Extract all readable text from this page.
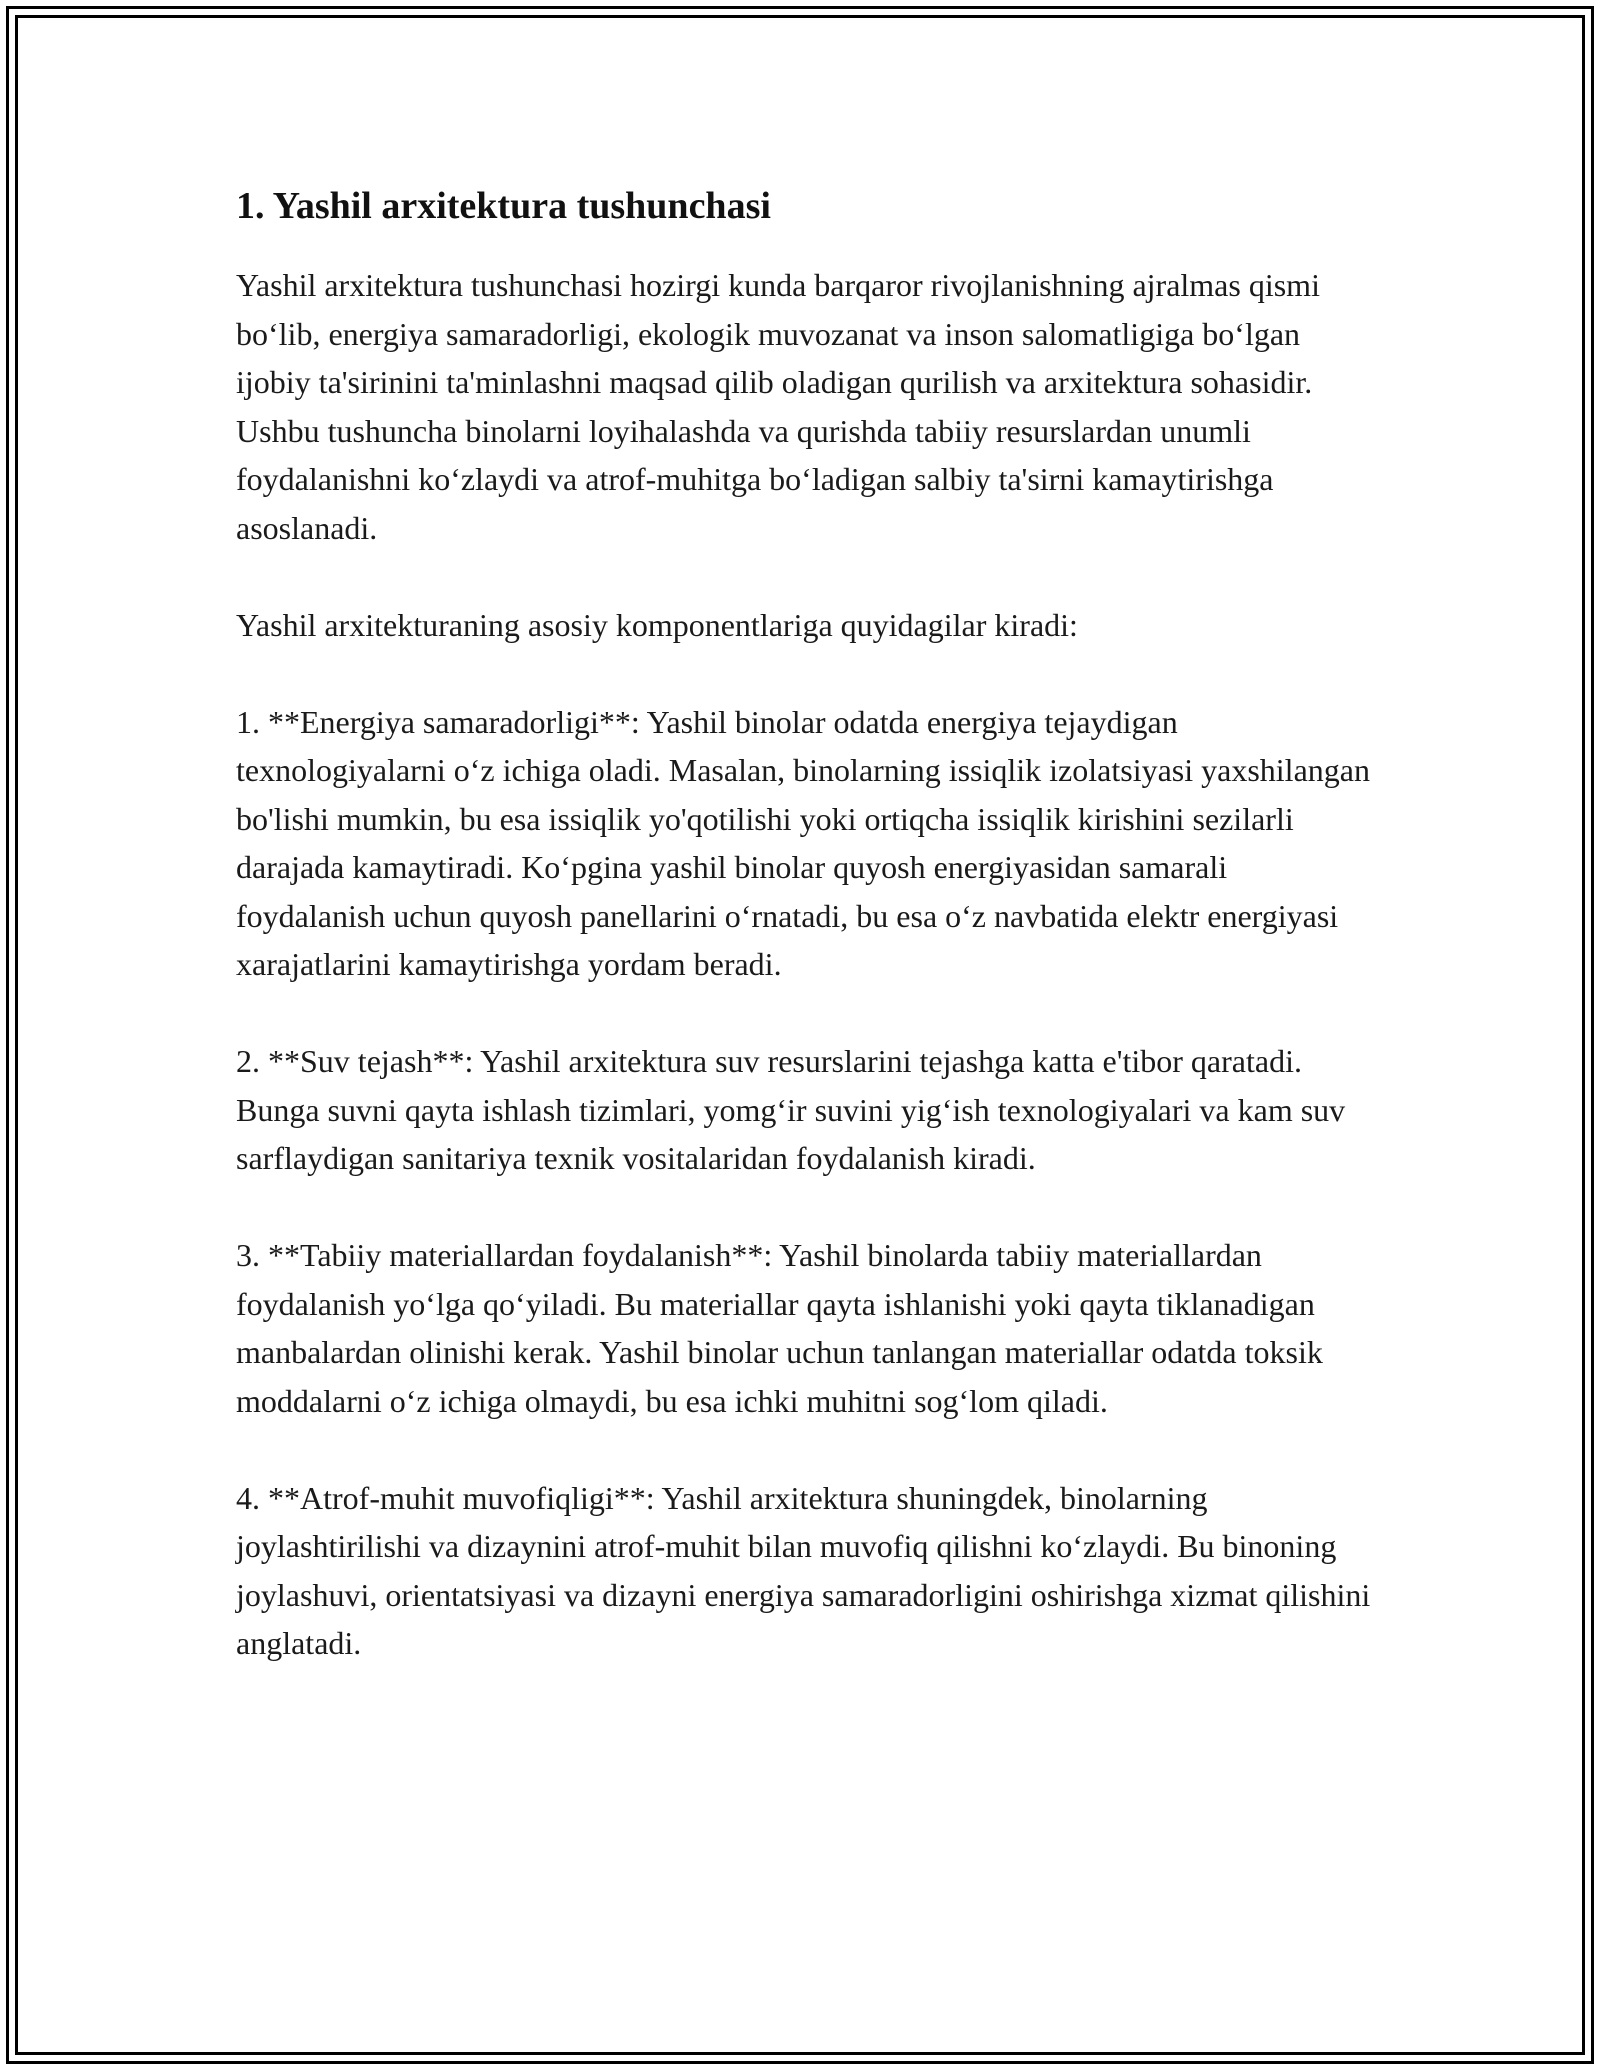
1. Yashil arxitektura tushunchasi

Yashil arxitektura tushunchasi hozirgi kunda barqaror rivojlanishning ajralmas qismi bo‘lib, energiya samaradorligi, ekologik muvozanat va inson salomatligiga bo‘lgan ijobiy ta'sirinini ta'minlashni maqsad qilib oladigan qurilish va arxitektura sohasidir. Ushbu tushuncha binolarni loyihalashda va qurishda tabiiy resurslardan unumli foydalanishni ko‘zlaydi va atrof-muhitga bo‘ladigan salbiy ta'sirni kamaytirishga asoslanadi.

Yashil arxitekturaning asosiy komponentlariga quyidagilar kiradi:

1. **Energiya samaradorligi**: Yashil binolar odatda energiya tejaydigan texnologiyalarni o‘z ichiga oladi. Masalan, binolarning issiqlik izolatsiyasi yaxshilangan bo'lishi mumkin, bu esa issiqlik yo'qotilishi yoki ortiqcha issiqlik kirishini sezilarli darajada kamaytiradi. Ko‘pgina yashil binolar quyosh energiyasidan samarali foydalanish uchun quyosh panellarini o‘rnatadi, bu esa o‘z navbatida elektr energiyasi xarajatlarini kamaytirishga yordam beradi.

2. **Suv tejash**: Yashil arxitektura suv resurslarini tejashga katta e'tibor qaratadi. Bunga suvni qayta ishlash tizimlari, yomg‘ir suvini yig‘ish texnologiyalari va kam suv sarflaydigan sanitariya texnik vositalaridan foydalanish kiradi.

3. **Tabiiy materiallardan foydalanish**: Yashil binolarda tabiiy materiallardan foydalanish yo‘lga qo‘yiladi. Bu materiallar qayta ishlanishi yoki qayta tiklanadigan manbalardan olinishi kerak. Yashil binolar uchun tanlangan materiallar odatda toksik moddalarni o‘z ichiga olmaydi, bu esa ichki muhitni sog‘lom qiladi.

4. **Atrof-muhit muvofiqligi**: Yashil arxitektura shuningdek, binolarning joylashtirilishi va dizaynini atrof-muhit bilan muvofiq qilishni ko‘zlaydi. Bu binoning joylashuvi, orientatsiyasi va dizayni energiya samaradorligini oshirishga xizmat qilishini anglatadi.
